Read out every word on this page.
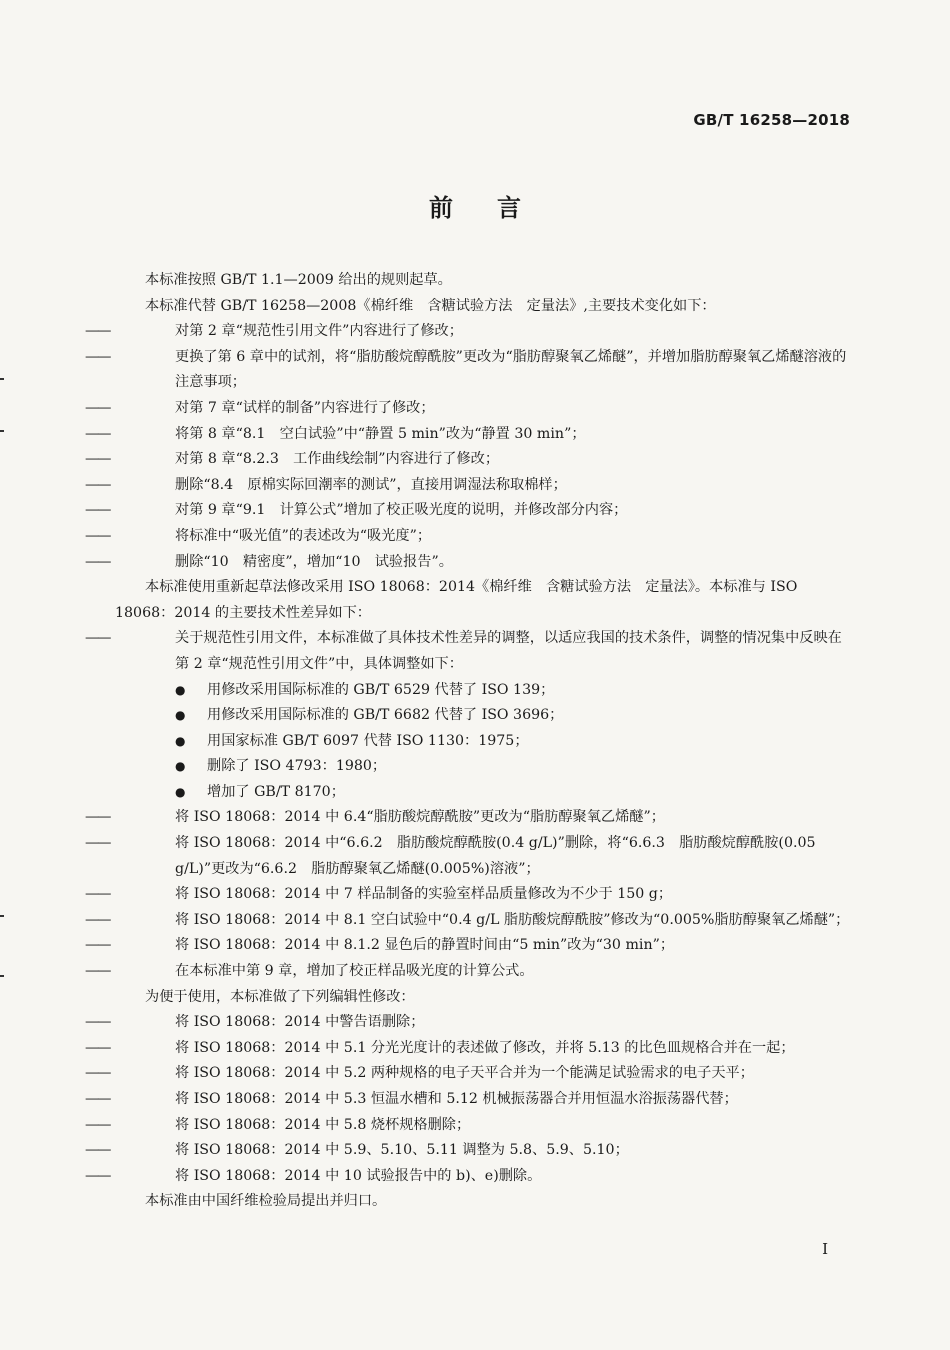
GB/T 16258—2018
前言

本标准按照 GB/T 1.1—2009 给出的规则起草。

本标准代替 GB/T 16258—2008《棉纤维　含糖试验方法　定量法》,主要技术变化如下：

——	对第 2 章“规范性引用文件”内容进行了修改；

——	更换了第 6 章中的试剂，将“脂肪酸烷醇酰胺”更改为“脂肪醇聚氧乙烯醚”，并增加脂肪醇聚氧乙烯醚溶液的注意事项；

——	对第 7 章“试样的制备”内容进行了修改；

——	将第 8 章“8.1　空白试验”中“静置 5 min”改为“静置 30 min”；

——	对第 8 章“8.2.3　工作曲线绘制”内容进行了修改；

——	删除“8.4　原棉实际回潮率的测试”，直接用调湿法称取棉样；

——	对第 9 章“9.1　计算公式”增加了校正吸光度的说明，并修改部分内容；

——	将标准中“吸光值”的表述改为“吸光度”；

——	删除“10　精密度”，增加“10　试验报告”。

本标准使用重新起草法修改采用 ISO 18068：2014《棉纤维　含糖试验方法　定量法》。本标准与 ISO 18068：2014 的主要技术性差异如下：

——	关于规范性引用文件，本标准做了具体技术性差异的调整，以适应我国的技术条件，调整的情况集中反映在第 2 章“规范性引用文件”中，具体调整如下：

● 用修改采用国际标准的 GB/T 6529 代替了 ISO 139；

● 用修改采用国际标准的 GB/T 6682 代替了 ISO 3696；

● 用国家标准 GB/T 6097 代替 ISO 1130：1975；

● 删除了 ISO 4793：1980；

● 增加了 GB/T 8170；

——	将 ISO 18068：2014 中 6.4“脂肪酸烷醇酰胺”更改为“脂肪醇聚氧乙烯醚”；

——	将 ISO 18068：2014 中“6.6.2　脂肪酸烷醇酰胺(0.4 g/L)”删除，将“6.6.3　脂肪酸烷醇酰胺(0.05 g/L)”更改为“6.6.2　脂肪醇聚氧乙烯醚(0.005%)溶液”；

——	将 ISO 18068：2014 中 7 样品制备的实验室样品质量修改为不少于 150 g；

——	将 ISO 18068：2014 中 8.1 空白试验中“0.4 g/L 脂肪酸烷醇酰胺”修改为“0.005%脂肪醇聚氧乙烯醚”；

——	将 ISO 18068：2014 中 8.1.2 显色后的静置时间由“5 min”改为“30 min”；

——	在本标准中第 9 章，增加了校正样品吸光度的计算公式。

为便于使用，本标准做了下列编辑性修改：

——	将 ISO 18068：2014 中警告语删除；

——	将 ISO 18068：2014 中 5.1 分光光度计的表述做了修改，并将 5.13 的比色皿规格合并在一起；

——	将 ISO 18068：2014 中 5.2 两种规格的电子天平合并为一个能满足试验需求的电子天平；

——	将 ISO 18068：2014 中 5.3 恒温水槽和 5.12 机械振荡器合并用恒温水浴振荡器代替；

——	将 ISO 18068：2014 中 5.8 烧杯规格删除；

——	将 ISO 18068：2014 中 5.9、5.10、5.11 调整为 5.8、5.9、5.10；

——	将 ISO 18068：2014 中 10 试验报告中的 b)、e)删除。

本标准由中国纤维检验局提出并归口。

I
